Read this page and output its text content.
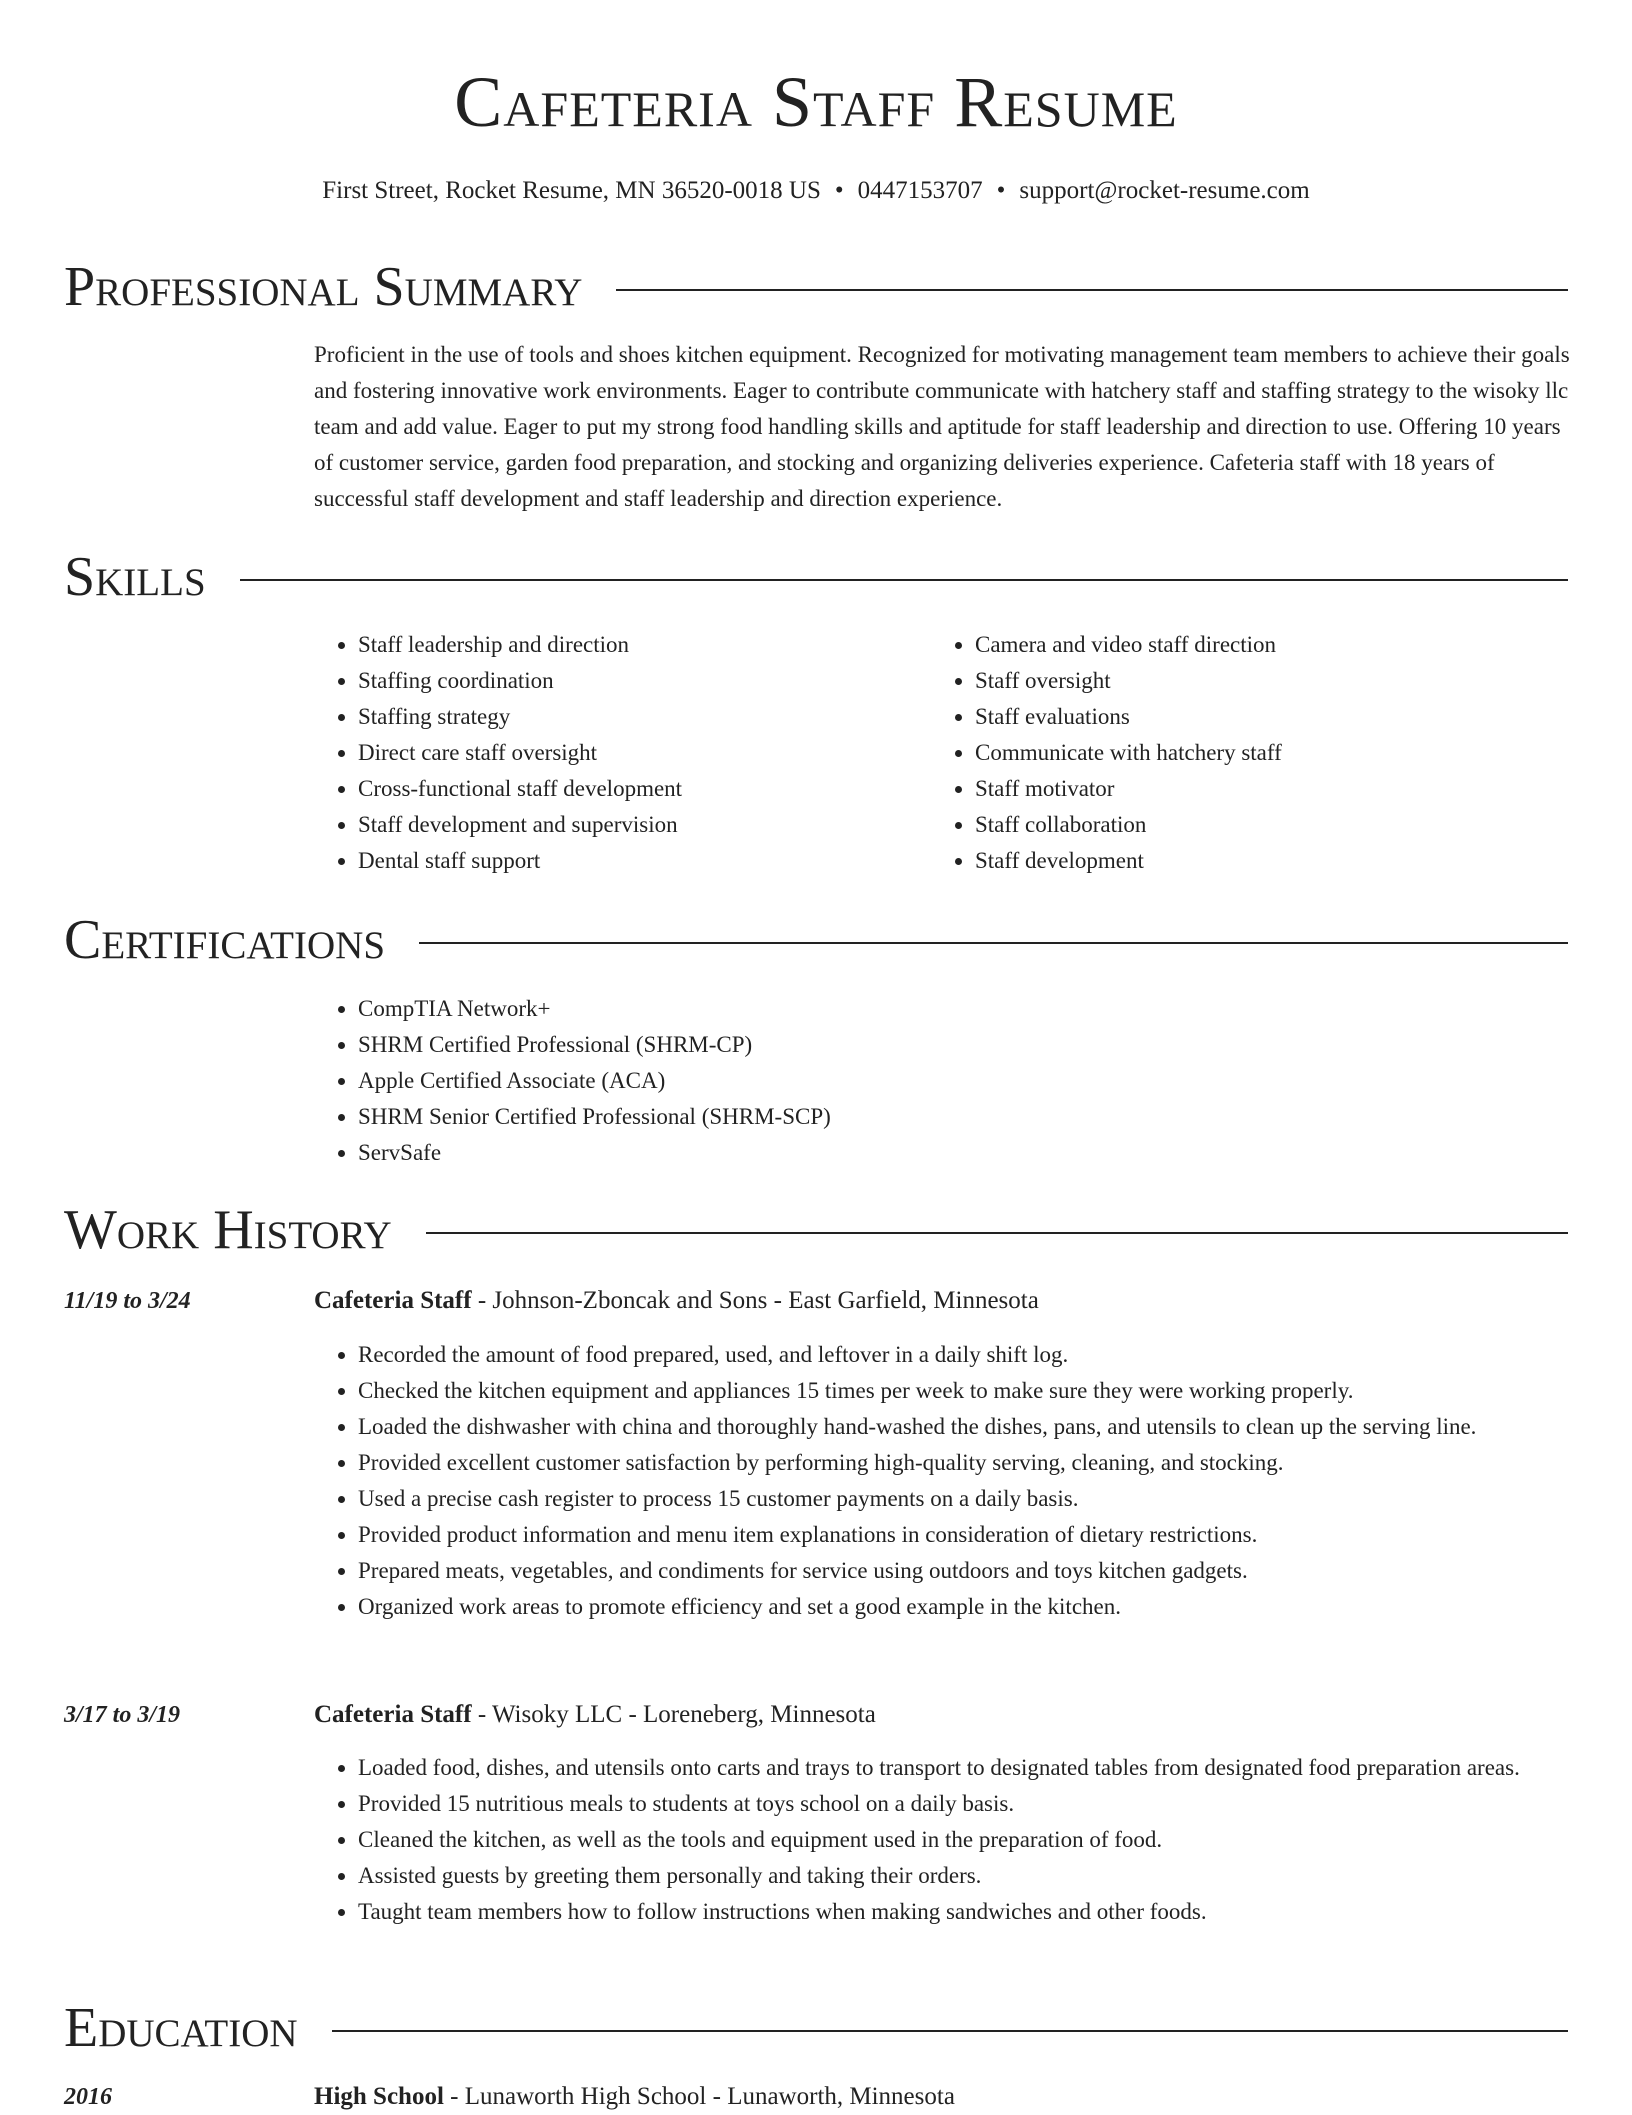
Cafeteria Staff Resume
First Street, Rocket Resume, MN 36520-0018 US • 0447153707 • support@rocket-resume.com
Professional Summary

Proficient in the use of tools and shoes kitchen equipment. Recognized for motivating management team members to achieve their goals and fostering innovative work environments. Eager to contribute communicate with hatchery staff and staffing strategy to the wisoky llc team and add value. Eager to put my strong food handling skills and aptitude for staff leadership and direction to use. Offering 10 years of customer service, garden food preparation, and stocking and organizing deliveries experience. Cafeteria staff with 18 years of successful staff development and staff leadership and direction experience.

Skills
• Staff leadership and direction
• Staffing coordination
• Staffing strategy
• Direct care staff oversight
• Cross-functional staff development
• Staff development and supervision
• Dental staff support
• Camera and video staff direction
• Staff oversight
• Staff evaluations
• Communicate with hatchery staff
• Staff motivator
• Staff collaboration
• Staff development
Certifications
• CompTIA Network+
• SHRM Certified Professional (SHRM-CP)
• Apple Certified Associate (ACA)
• SHRM Senior Certified Professional (SHRM-SCP)
• ServSafe
Work History
11/19 to 3/24	Cafeteria Staff - Johnson-Zboncak and Sons - East Garfield, Minnesota
• Recorded the amount of food prepared, used, and leftover in a daily shift log.
• Checked the kitchen equipment and appliances 15 times per week to make sure they were working properly.
• Loaded the dishwasher with china and thoroughly hand-washed the dishes, pans, and utensils to clean up the serving line.
• Provided excellent customer satisfaction by performing high-quality serving, cleaning, and stocking.
• Used a precise cash register to process 15 customer payments on a daily basis.
• Provided product information and menu item explanations in consideration of dietary restrictions.
• Prepared meats, vegetables, and condiments for service using outdoors and toys kitchen gadgets.
• Organized work areas to promote efficiency and set a good example in the kitchen.
3/17 to 3/19	Cafeteria Staff - Wisoky LLC - Loreneberg, Minnesota
• Loaded food, dishes, and utensils onto carts and trays to transport to designated tables from designated food preparation areas.
• Provided 15 nutritious meals to students at toys school on a daily basis.
• Cleaned the kitchen, as well as the tools and equipment used in the preparation of food.
• Assisted guests by greeting them personally and taking their orders.
• Taught team members how to follow instructions when making sandwiches and other foods.
Education
2016	High School - Lunaworth High School - Lunaworth, Minnesota
